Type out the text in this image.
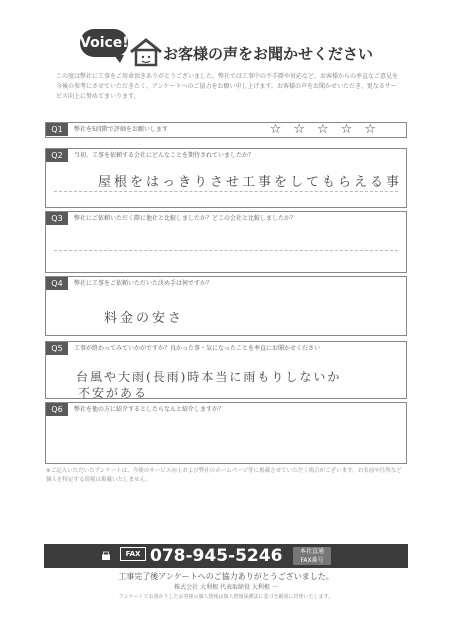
Voice!
お客様の声をお聞かせください
この度は弊社に工事をご用命頂きありがとうございました。弊社では工事中の不手際や対応など、お客様からの率直なご意見を今後の参考にさせていただきたく、アンケートへのご協力をお願い申し上げます。お客様の声をお聞かせいただき、更なるサービス向上に努めてまいります。
Q1	弊社を5段階で評価をお願いします	☆☆☆☆☆
Q2	当初、工事を依頼する会社にどんなことを期待されていましたか？
屋根をはっきりさせ工事をしてもらえる事
Q3	弊社にご依頼いただく際に他社と比較しましたか？どこの会社と比較しましたか？
Q4	弊社に工事をご依頼いただいた決め手は何ですか？
料金の安さ
Q5	工事が終わってみていかがですか？良かった事・気になったことを率直にお聞かせください
台風や大雨(長雨)時本当に雨もりしないか
不安がある
Q6	弊社を他の方に紹介するとしたらなんと紹介しますか？
※ご記入いただいたアンケートは、今後のサービス向上および弊社のホームページ等に掲載させていただく場合がございます。お名前や住所など個人を特定する情報は掲載いたしません。
FAX 078-945-5246	本社直通
FAX番号
工事完了後アンケートへのご協力ありがとうございました。
株式会社 大利根 代表取締役 大利根 一
アンケートでお預かりしたお客様の個人情報は個人情報保護法に基づき厳重に管理いたします。
